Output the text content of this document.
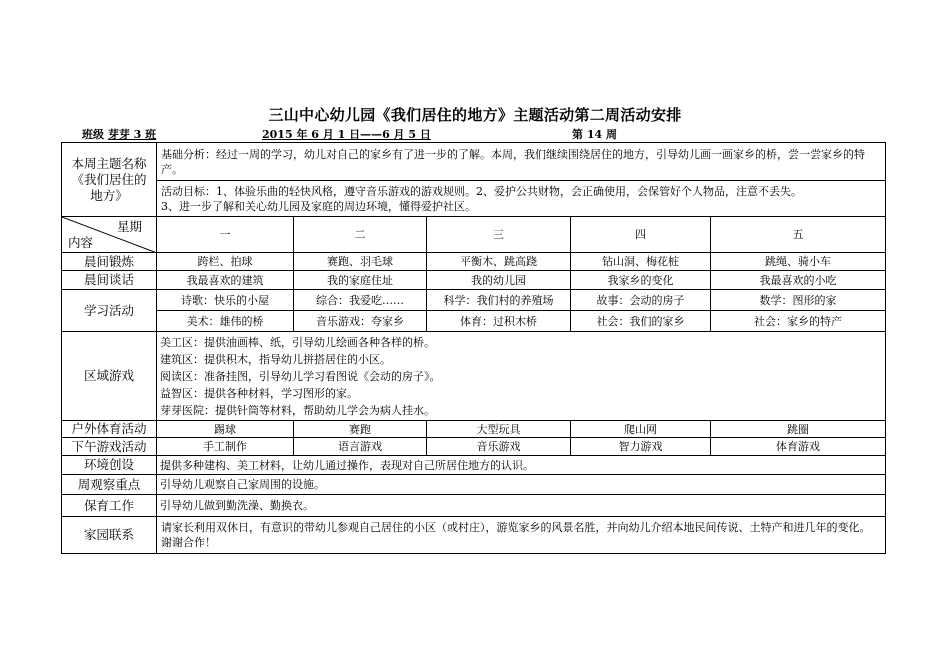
三山中心幼儿园《我们居住的地方》主题活动第二周活动安排
班级 芽芽 3 班	2015 年 6 月 1 日——6 月 5 日	第 14 周
本周主题名称《我们居住的地方》	基础分析：经过一周的学习，幼儿对自己的家乡有了进一步的了解。本周，我们继续围绕居住的地方，引导幼儿画一画家乡的桥，尝一尝家乡的特产。				

	活动目标：1、体验乐曲的轻快风格，遵守音乐游戏的游戏规则。2、爱护公共财物，会正确使用，会保管好个人物品，注意不丢失。
3、进一步了解和关心幼儿园及家庭的周边环境，懂得爱护社区。				

星期
内容	一	二	三	四	五
晨间锻炼	跨栏、拍球	赛跑、羽毛球	平衡木、跳高跷	钻山洞、梅花桩	跳绳、骑小车
晨间谈话	我最喜欢的建筑	我的家庭住址	我的幼儿园	我家乡的变化	我最喜欢的小吃
学习活动	诗歌：快乐的小屋	综合：我爱吃……	科学：我们村的养殖场	故事：会动的房子	数学：图形的家
	美术：雄伟的桥	音乐游戏：夸家乡	体育：过积木桥	社会：我们的家乡	社会：家乡的特产
区域游戏	美工区：提供油画棒、纸，引导幼儿绘画各种各样的桥。
建筑区：提供积木，指导幼儿拼搭居住的小区。
阅读区：准备挂图，引导幼儿学习看图说《会动的房子》。
益智区：提供各种材料，学习图形的家。
芽芽医院：提供针筒等材料，帮助幼儿学会为病人挂水。				

户外体育活动	踢球	赛跑	大型玩具	爬山网	跳圈
下午游戏活动	手工制作	语言游戏	音乐游戏	智力游戏	体育游戏
环境创设	提供多种建构、美工材料，让幼儿通过操作，表现对自己所居住地方的认识。				
周观察重点	引导幼儿观察自己家周围的设施。				
保育工作	引导幼儿做到勤洗澡、勤换衣。				
家园联系	请家长利用双休日，有意识的带幼儿参观自己居住的小区（或村庄），游览家乡的风景名胜，并向幼儿介绍本地民间传说、土特产和进几年的变化。谢谢合作！				
